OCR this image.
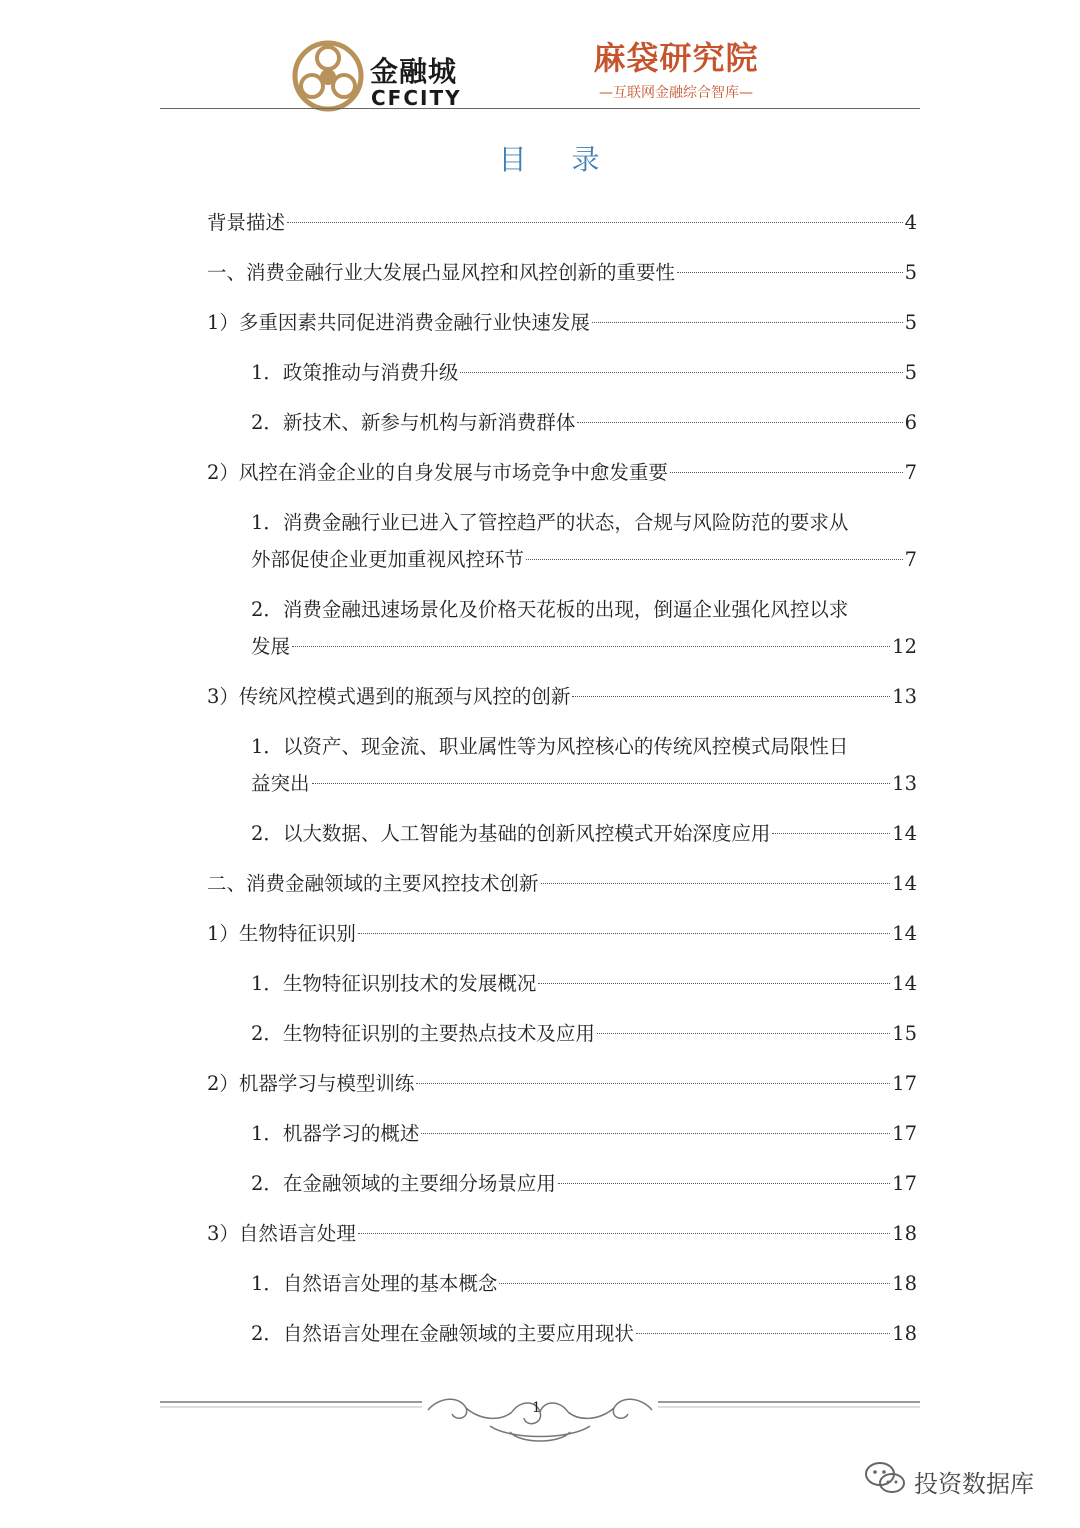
金融城
CFCITY
麻袋研究院
—互联网金融综合智库—
目 录
背景描述	4
一、消费金融行业大发展凸显风控和风控创新的重要性	5
1）多重因素共同促进消费金融行业快速发展	5
1．政策推动与消费升级	5
2．新技术、新参与机构与新消费群体	6
2）风控在消金企业的自身发展与市场竞争中愈发重要	7
1．消费金融行业已进入了管控趋严的状态，合规与风险防范的要求从
外部促使企业更加重视风控环节	7
2．消费金融迅速场景化及价格天花板的出现，倒逼企业强化风控以求
发展	12
3）传统风控模式遇到的瓶颈与风控的创新	13
1．以资产、现金流、职业属性等为风控核心的传统风控模式局限性日
益突出	13
2．以大数据、人工智能为基础的创新风控模式开始深度应用	14
二、消费金融领域的主要风控技术创新	14
1）生物特征识别	14
1．生物特征识别技术的发展概况	14
2．生物特征识别的主要热点技术及应用	15
2）机器学习与模型训练	17
1．机器学习的概述	17
2．在金融领域的主要细分场景应用	17
3）自然语言处理	18
1．自然语言处理的基本概念	18
2．自然语言处理在金融领域的主要应用现状	18
1
投资数据库
